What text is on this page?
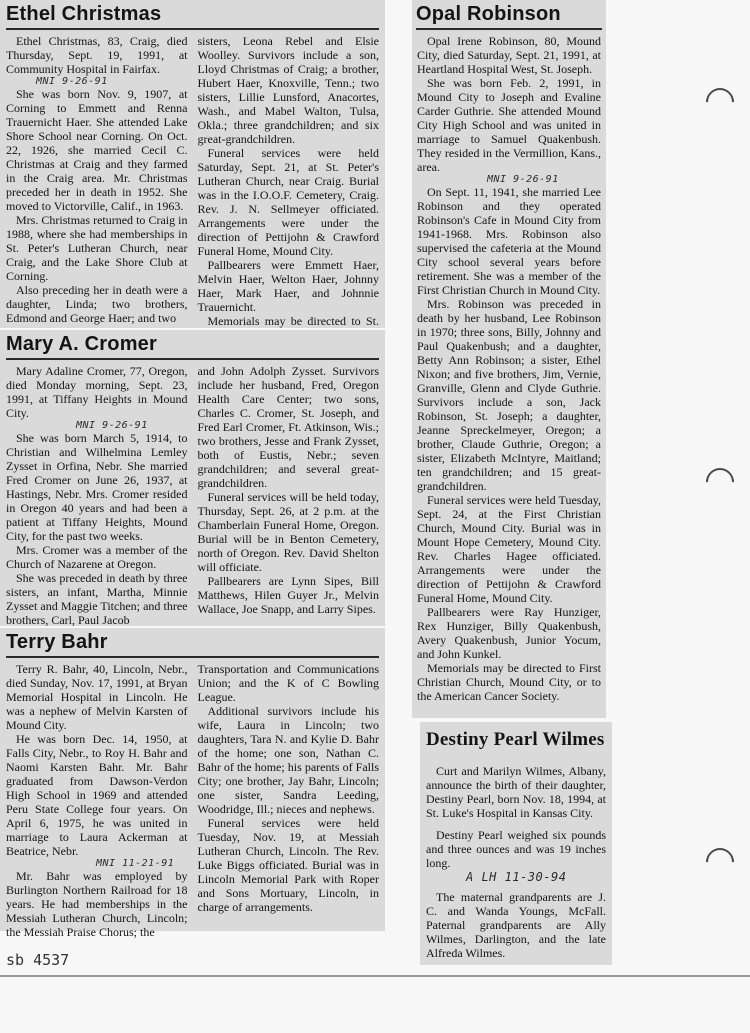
Ethel Christmas

Ethel Christmas, 83, Craig, died Thursday, Sept. 19, 1991, at Community Hospital in Fairfax.

MNI 9-26-91

She was born Nov. 9, 1907, at Corning to Emmett and Renna Trauernicht Haer. She attended Lake Shore School near Corning. On Oct. 22, 1926, she married Cecil C. Christmas at Craig and they farmed in the Craig area. Mr. Christmas preceded her in death in 1952. She moved to Victorville, Calif., in 1963.

Mrs. Christmas returned to Craig in 1988, where she had memberships in St. Peter's Lutheran Church, near Craig, and the Lake Shore Club at Corning.

Also preceding her in death were a daughter, Linda; two brothers, Edmond and George Haer; and two

sisters, Leona Rebel and Elsie Woolley. Survivors include a son, Lloyd Christmas of Craig; a brother, Hubert Haer, Knoxville, Tenn.; two sisters, Lillie Lunsford, Anacortes, Wash., and Mabel Walton, Tulsa, Okla.; three grandchildren; and six great-grandchildren.

Funeral services were held Saturday, Sept. 21, at St. Peter's Lutheran Church, near Craig. Burial was in the I.O.O.F. Cemetery, Craig. Rev. J. N. Sellmeyer officiated. Arrangements were under the direction of Pettijohn & Crawford Funeral Home, Mound City.

Pallbearers were Emmett Haer, Melvin Haer, Welton Haer, Johnny Haer, Mark Haer, and Johnnie Trauernicht.

Memorials may be directed to St.

Mary A. Cromer

Mary Adaline Cromer, 77, Oregon, died Monday morning, Sept. 23, 1991, at Tiffany Heights in Mound City.

MNI 9-26-91

She was born March 5, 1914, to Christian and Wilhelmina Lemley Zysset in Orfina, Nebr. She married Fred Cromer on June 26, 1937, at Hastings, Nebr. Mrs. Cromer resided in Oregon 40 years and had been a patient at Tiffany Heights, Mound City, for the past two weeks.

Mrs. Cromer was a member of the Church of Nazarene at Oregon.

She was preceded in death by three sisters, an infant, Martha, Minnie Zysset and Maggie Titchen; and three brothers, Carl, Paul Jacob

and John Adolph Zysset. Survivors include her husband, Fred, Oregon Health Care Center; two sons, Charles C. Cromer, St. Joseph, and Fred Earl Cromer, Ft. Atkinson, Wis.; two brothers, Jesse and Frank Zysset, both of Eustis, Nebr.; seven grandchildren; and several great-grandchildren.

Funeral services will be held today, Thursday, Sept. 26, at 2 p.m. at the Chamberlain Funeral Home, Oregon. Burial will be in Benton Cemetery, north of Oregon. Rev. David Shelton will officiate.

Pallbearers are Lynn Sipes, Bill Matthews, Hilen Guyer Jr., Melvin Wallace, Joe Snapp, and Larry Sipes.

Terry Bahr

Terry R. Bahr, 40, Lincoln, Nebr., died Sunday, Nov. 17, 1991, at Bryan Memorial Hospital in Lincoln. He was a nephew of Melvin Karsten of Mound City.

He was born Dec. 14, 1950, at Falls City, Nebr., to Roy H. Bahr and Naomi Karsten Bahr. Mr. Bahr graduated from Dawson-Verdon High School in 1969 and attended Peru State College four years. On April 6, 1975, he was united in marriage to Laura Ackerman at Beatrice, Nebr.

MNI 11-21-91

Mr. Bahr was employed by Burlington Northern Railroad for 18 years. He had memberships in the Messiah Lutheran Church, Lincoln; the Messiah Praise Chorus; the

Transportation and Communications Union; and the K of C Bowling League.

Additional survivors include his wife, Laura in Lincoln; two daughters, Tara N. and Kylie D. Bahr of the home; one son, Nathan C. Bahr of the home; his parents of Falls City; one brother, Jay Bahr, Lincoln; one sister, Sandra Leeding, Woodridge, Ill.; nieces and nephews.

Funeral services were held Tuesday, Nov. 19, at Messiah Lutheran Church, Lincoln. The Rev. Luke Biggs officiated. Burial was in Lincoln Memorial Park with Roper and Sons Mortuary, Lincoln, in charge of arrangements.

Opal Robinson

Opal Irene Robinson, 80, Mound City, died Saturday, Sept. 21, 1991, at Heartland Hospital West, St. Joseph.

She was born Feb. 2, 1991, in Mound City to Joseph and Evaline Carder Guthrie. She attended Mound City High School and was united in marriage to Samuel Quakenbush. They resided in the Vermillion, Kans., area.

MNI 9-26-91

On Sept. 11, 1941, she married Lee Robinson and they operated Robinson's Cafe in Mound City from 1941-1968. Mrs. Robinson also supervised the cafeteria at the Mound City school several years before retirement. She was a member of the First Christian Church in Mound City.

Mrs. Robinson was preceded in death by her husband, Lee Robinson in 1970; three sons, Billy, Johnny and Paul Quakenbush; and a daughter, Betty Ann Robinson; a sister, Ethel Nixon; and five brothers, Jim, Vernie, Granville, Glenn and Clyde Guthrie. Survivors include a son, Jack Robinson, St. Joseph; a daughter, Jeanne Spreckelmeyer, Oregon; a brother, Claude Guthrie, Oregon; a sister, Elizabeth McIntyre, Maitland; ten grandchildren; and 15 great-grandchildren.

Funeral services were held Tuesday, Sept. 24, at the First Christian Church, Mound City. Burial was in Mount Hope Cemetery, Mound City. Rev. Charles Hagee officiated. Arrangements were under the direction of Pettijohn & Crawford Funeral Home, Mound City.

Pallbearers were Ray Hunziger, Rex Hunziger, Billy Quakenbush, Avery Quakenbush, Junior Yocum, and John Kunkel.

Memorials may be directed to First Christian Church, Mound City, or to the American Cancer Society.

Destiny Pearl Wilmes

Curt and Marilyn Wilmes, Albany, announce the birth of their daughter, Destiny Pearl, born Nov. 18, 1994, at St. Luke's Hospital in Kansas City.

Destiny Pearl weighed six pounds and three ounces and was 19 inches long.

A LH 11-30-94

The maternal grandparents are J. C. and Wanda Youngs, McFall. Paternal grandparents are Ally Wilmes, Darlington, and the late Alfreda Wilmes.

sb 4537
